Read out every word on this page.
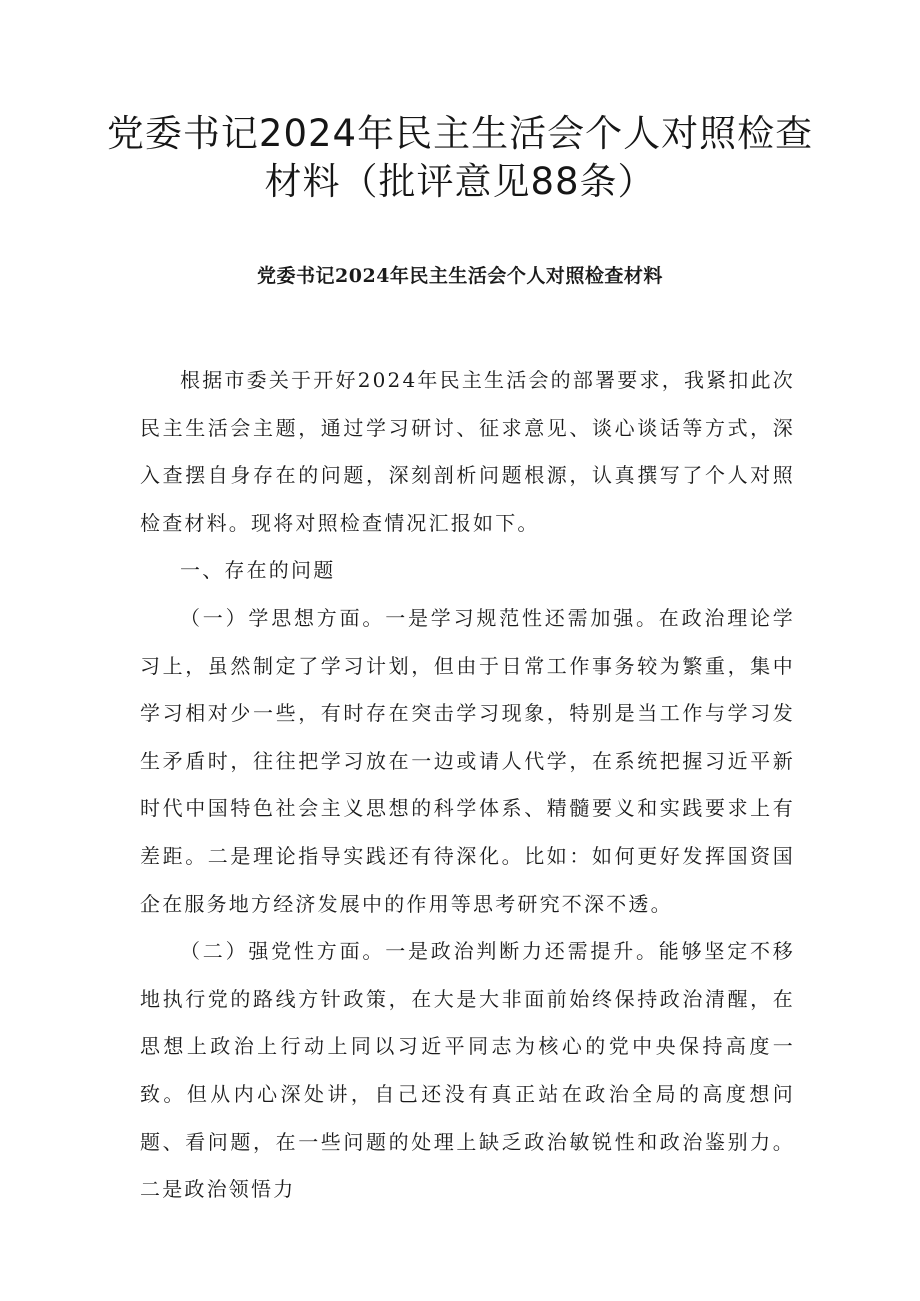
党委书记2024年民主生活会个人对照检查材料（批评意见88条）
党委书记2024年民主生活会个人对照检查材料

根据市委关于开好2024年民主生活会的部署要求，我紧扣此次民主生活会主题，通过学习研讨、征求意见、谈心谈话等方式，深入查摆自身存在的问题，深刻剖析问题根源，认真撰写了个人对照检查材料。现将对照检查情况汇报如下。

一、存在的问题

（一）学思想方面。一是学习规范性还需加强。在政治理论学习上，虽然制定了学习计划，但由于日常工作事务较为繁重，集中学习相对少一些，有时存在突击学习现象，特别是当工作与学习发生矛盾时，往往把学习放在一边或请人代学，在系统把握习近平新时代中国特色社会主义思想的科学体系、精髓要义和实践要求上有差距。二是理论指导实践还有待深化。比如：如何更好发挥国资国企在服务地方经济发展中的作用等思考研究不深不透。

（二）强党性方面。一是政治判断力还需提升。能够坚定不移地执行党的路线方针政策，在大是大非面前始终保持政治清醒，在思想上政治上行动上同以习近平同志为核心的党中央保持高度一致。但从内心深处讲，自己还没有真正站在政治全局的高度想问题、看问题，在一些问题的处理上缺乏政治敏锐性和政治鉴别力。二是政治领悟力
